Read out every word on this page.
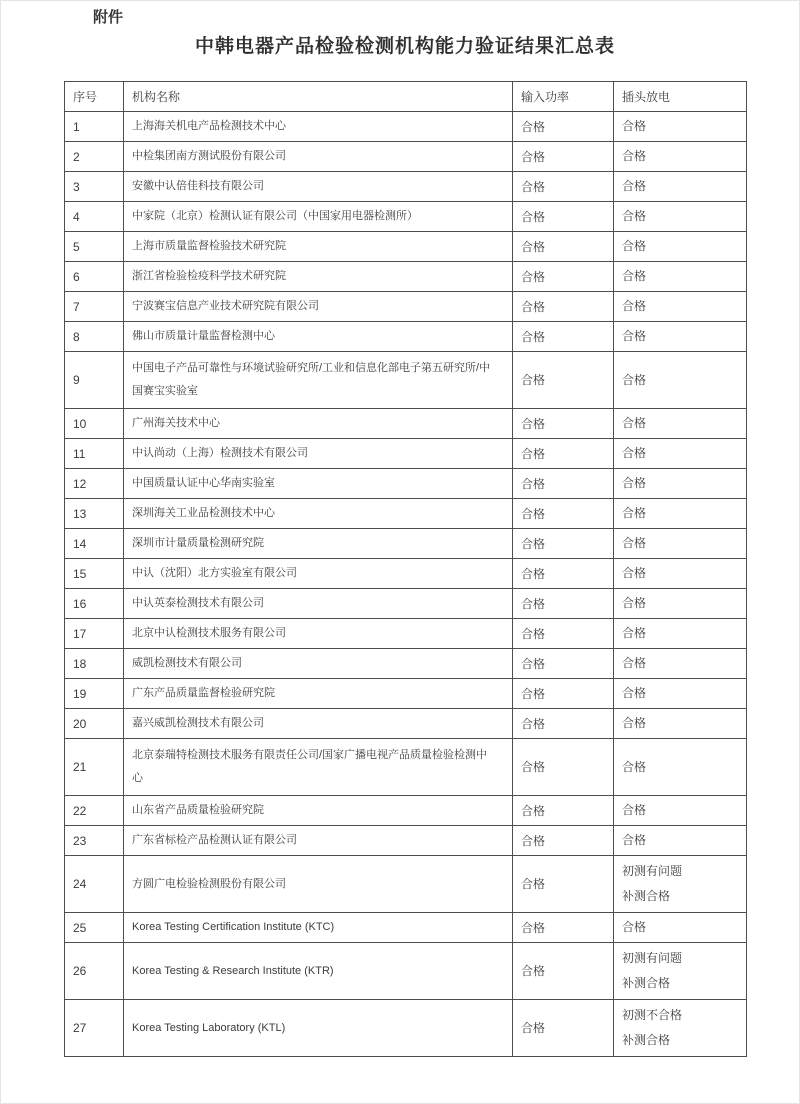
附件
中韩电器产品检验检测机构能力验证结果汇总表
序号	机构名称	输入功率	插头放电
1	上海海关机电产品检测技术中心	合格	合格

2	中检集团南方测试股份有限公司	合格	合格

3	安徽中认倍佳科技有限公司	合格	合格

4	中家院（北京）检测认证有限公司（中国家用电器检测所）	合格	合格

5	上海市质量监督检验技术研究院	合格	合格

6	浙江省检验检疫科学技术研究院	合格	合格

7	宁波赛宝信息产业技术研究院有限公司	合格	合格

8	佛山市质量计量监督检测中心	合格	合格

9	中国电子产品可靠性与环境试验研究所/工业和信息化部电子第五研究所/中
国赛宝实验室	合格	合格

10	广州海关技术中心	合格	合格

11	中认尚动（上海）检测技术有限公司	合格	合格

12	中国质量认证中心华南实验室	合格	合格

13	深圳海关工业品检测技术中心	合格	合格

14	深圳市计量质量检测研究院	合格	合格

15	中认（沈阳）北方实验室有限公司	合格	合格

16	中认英泰检测技术有限公司	合格	合格

17	北京中认检测技术服务有限公司	合格	合格

18	威凯检测技术有限公司	合格	合格

19	广东产品质量监督检验研究院	合格	合格

20	嘉兴威凯检测技术有限公司	合格	合格

21	北京泰瑞特检测技术服务有限责任公司/国家广播电视产品质量检验检测中
心	合格	合格

22	山东省产品质量检验研究院	合格	合格

23	广东省标检产品检测认证有限公司	合格	合格

24	方圆广电检验检测股份有限公司	合格	初测有问题
补测合格

25	Korea Testing Certification Institute (KTC)	合格	合格

26	Korea Testing & Research Institute (KTR)	合格	初测有问题
补测合格

27	Korea Testing Laboratory (KTL)	合格	初测不合格
补测合格
